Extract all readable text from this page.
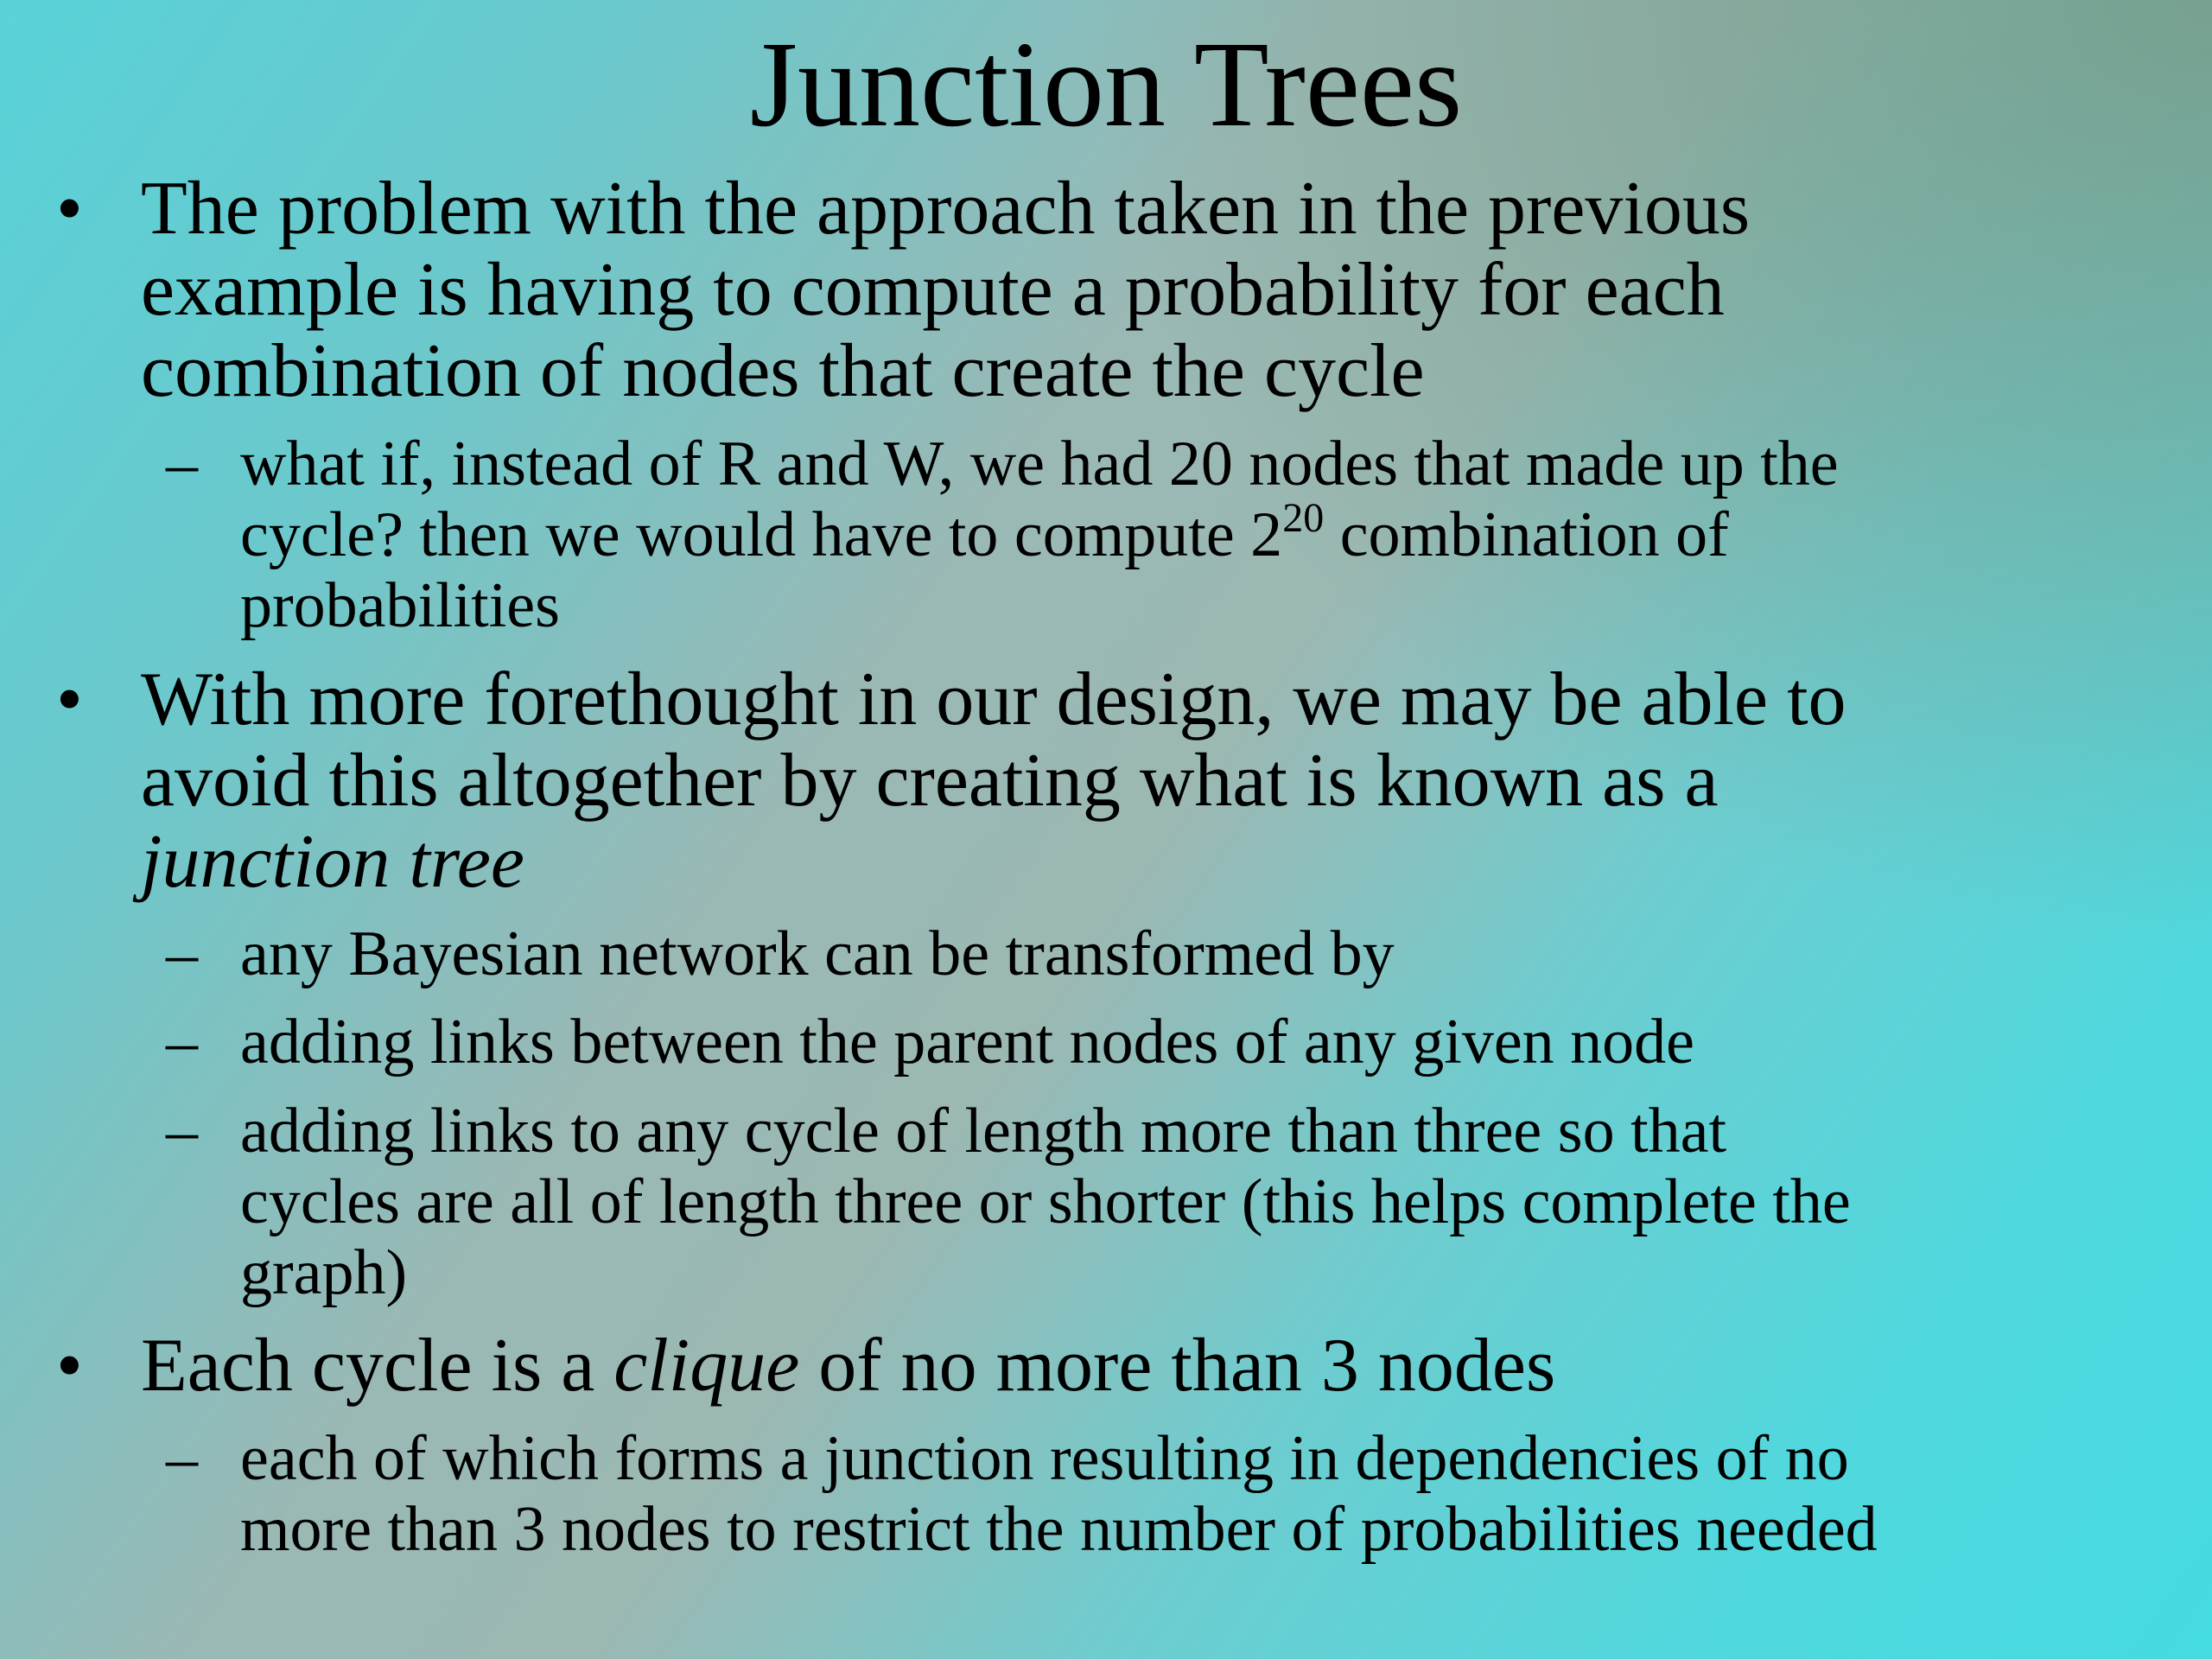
Junction Trees
• The problem with the approach taken in the previous
example is having to compute a probability for each
combination of nodes that create the cycle
– what if, instead of R and W, we had 20 nodes that made up the
cycle? then we would have to compute $2^{20}$ combination of
probabilities
• With more forethought in our design, we may be able to
avoid this altogether by creating what is known as a
junction tree
– any Bayesian network can be transformed by
– adding links between the parent nodes of any given node
– adding links to any cycle of length more than three so that
cycles are all of length three or shorter (this helps complete the
graph)
• Each cycle is a clique of no more than 3 nodes
– each of which forms a junction resulting in dependencies of no
more than 3 nodes to restrict the number of probabilities needed
